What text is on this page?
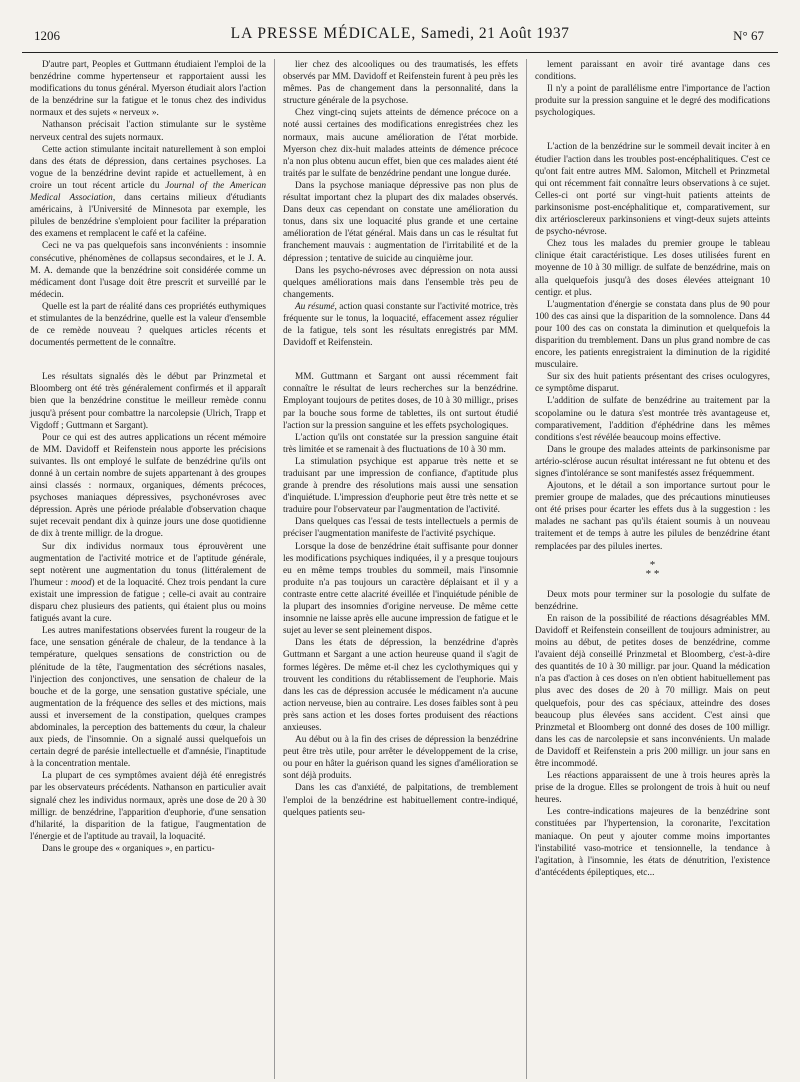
1206	LA PRESSE MÉDICALE, Samedi, 21 Août 1937	N° 67

D'autre part, Peoples et Guttmann étudiaient l'emploi de la benzédrine comme hypertenseur et rapportaient aussi les modifications du tonus général. Myerson étudiait alors l'action de la benzédrine sur la fatigue et le tonus chez des individus normaux et des sujets « nerveux ».

Nathanson précisait l'action stimulante sur le système nerveux central des sujets normaux.

Cette action stimulante incitait naturellement à son emploi dans des états de dépression, dans certaines psychoses. La vogue de la benzédrine devint rapide et actuellement, à en croire un tout récent article du Journal of the American Medical Association, dans certains milieux d'étudiants américains, à l'Université de Minnesota par exemple, les pilules de benzédrine s'emploient pour faciliter la préparation des examens et remplacent le café et la caféine.

Ceci ne va pas quelquefois sans inconvénients : insomnie consécutive, phénomènes de collapsus secondaires, et le J. A. M. A. demande que la benzédrine soit considérée comme un médicament dont l'usage doit être prescrit et surveillé par le médecin.

Quelle est la part de réalité dans ces propriétés euthymiques et stimulantes de la benzédrine, quelle est la valeur d'ensemble de ce remède nouveau ? quelques articles récents et documentés permettent de le connaître.

Les résultats signalés dès le début par Prinzmetal et Bloomberg ont été très généralement confirmés et il apparaît bien que la benzédrine constitue le meilleur remède connu jusqu'à présent pour combattre la narcolepsie (Ulrich, Trapp et Vigdoff ; Guttmann et Sargant).

Pour ce qui est des autres applications un récent mémoire de MM. Davidoff et Reifenstein nous apporte les précisions suivantes. Ils ont employé le sulfate de benzédrine qu'ils ont donné à un certain nombre de sujets appartenant à des groupes ainsi classés : normaux, organiques, déments précoces, psychoses maniaques dépressives, psychonévroses avec dépression. Après une période préalable d'observation chaque sujet recevait pendant dix à quinze jours une dose quotidienne de dix à trente milligr. de la drogue.

Sur dix individus normaux tous éprouvèrent une augmentation de l'activité motrice et de l'aptitude générale, sept notèrent une augmentation du tonus (littéralement de l'humeur : mood) et de la loquacité. Chez trois pendant la cure existait une impression de fatigue ; celle-ci avait au contraire disparu chez plusieurs des patients, qui étaient plus ou moins fatigués avant la cure.

Les autres manifestations observées furent la rougeur de la face, une sensation générale de chaleur, de la tendance à la température, quelques sensations de constriction ou de plénitude de la tête, l'augmentation des sécrétions nasales, l'injection des conjonctives, une sensation de chaleur de la bouche et de la gorge, une sensation gustative spéciale, une augmentation de la fréquence des selles et des mictions, mais aussi et inversement de la constipation, quelques crampes abdominales, la perception des battements du cœur, la chaleur aux pieds, de l'insomnie. On a signalé aussi quelquefois un certain degré de parésie intellectuelle et d'amnésie, l'inaptitude à la concentration mentale.

La plupart de ces symptômes avaient déjà été enregistrés par les observateurs précédents. Nathanson en particulier avait signalé chez les individus normaux, après une dose de 20 à 30 milligr. de benzédrine, l'apparition d'euphorie, d'une sensation d'hilarité, la disparition de la fatigue, l'augmentation de l'énergie et de l'aptitude au travail, la loquacité.

Dans le groupe des « organiques », en particu-

lier chez des alcooliques ou des traumatisés, les effets observés par MM. Davidoff et Reifenstein furent à peu près les mêmes. Pas de changement dans la personnalité, dans la structure générale de la psychose.

Chez vingt-cinq sujets atteints de démence précoce on a noté aussi certaines des modifications enregistrées chez les normaux, mais aucune amélioration de l'état morbide. Myerson chez dix-huit malades atteints de démence précoce n'a non plus obtenu aucun effet, bien que ces malades aient été traités par le sulfate de benzédrine pendant une longue durée.

Dans la psychose maniaque dépressive pas non plus de résultat important chez la plupart des dix malades observés. Dans deux cas cependant on constate une amélioration du tonus, dans six une loquacité plus grande et une certaine amélioration de l'état général. Mais dans un cas le résultat fut franchement mauvais : augmentation de l'irritabilité et de la dépression ; tentative de suicide au cinquième jour.

Dans les psycho-névroses avec dépression on nota aussi quelques améliorations mais dans l'ensemble très peu de changements.

Au résumé, action quasi constante sur l'activité motrice, très fréquente sur le tonus, la loquacité, effacement assez régulier de la fatigue, tels sont les résultats enregistrés par MM. Davidoff et Reifenstein.

MM. Guttmann et Sargant ont aussi récemment fait connaître le résultat de leurs recherches sur la benzédrine. Employant toujours de petites doses, de 10 à 30 milligr., prises par la bouche sous forme de tablettes, ils ont surtout étudié l'action sur la pression sanguine et les effets psychologiques.

L'action qu'ils ont constatée sur la pression sanguine était très limitée et se ramenait à des fluctuations de 10 à 30 mm.

La stimulation psychique est apparue très nette et se traduisant par une impression de confiance, d'aptitude plus grande à prendre des résolutions mais aussi une sensation d'inquiétude. L'impression d'euphorie peut être très nette et se traduire pour l'observateur par l'augmentation de l'activité.

Dans quelques cas l'essai de tests intellectuels a permis de préciser l'augmentation manifeste de l'activité psychique.

Lorsque la dose de benzédrine était suffisante pour donner les modifications psychiques indiquées, il y a presque toujours eu en même temps troubles du sommeil, mais l'insomnie produite n'a pas toujours un caractère déplaisant et il y a contraste entre cette alacrité éveillée et l'inquiétude pénible de la plupart des insomnies d'origine nerveuse. De même cette insomnie ne laisse après elle aucune impression de fatigue et le sujet au lever se sent pleinement dispos.

Dans les états de dépression, la benzédrine d'après Guttmann et Sargant a une action heureuse quand il s'agit de formes légères. De même et-il chez les cyclothymiques qui y trouvent les conditions du rétablissement de l'euphorie. Mais dans les cas de dépression accusée le médicament n'a aucune action nerveuse, bien au contraire. Les doses faibles sont à peu près sans action et les doses fortes produisent des réactions anxieuses.

Au début ou à la fin des crises de dépression la benzédrine peut être très utile, pour arrêter le développement de la crise, ou pour en hâter la guérison quand les signes d'amélioration se sont déjà produits.

Dans les cas d'anxiété, de palpitations, de tremblement l'emploi de la benzédrine est habituellement contre-indiqué, quelques patients seu-

lement paraissant en avoir tiré avantage dans ces conditions.

Il n'y a point de parallélisme entre l'importance de l'action produite sur la pression sanguine et le degré des modifications psychologiques.

L'action de la benzédrine sur le sommeil devait inciter à en étudier l'action dans les troubles post-encéphalitiques. C'est ce qu'ont fait entre autres MM. Salomon, Mitchell et Prinzmetal qui ont récemment fait connaître leurs observations à ce sujet. Celles-ci ont porté sur vingt-huit patients atteints de parkinsonisme post-encéphalitique et, comparativement, sur dix artériosclereux parkinsoniens et vingt-deux sujets atteints de psycho-névrose.

Chez tous les malades du premier groupe le tableau clinique était caractéristique. Les doses utilisées furent en moyenne de 10 à 30 milligr. de sulfate de benzédrine, mais on alla quelquefois jusqu'à des doses élevées atteignant 10 centigr. et plus.

L'augmentation d'énergie se constata dans plus de 90 pour 100 des cas ainsi que la disparition de la somnolence. Dans 44 pour 100 des cas on constata la diminution et quelquefois la disparition du tremblement. Dans un plus grand nombre de cas encore, les patients enregistraient la diminution de la rigidité musculaire.

Sur six des huit patients présentant des crises oculogyres, ce symptôme disparut.

L'addition de sulfate de benzédrine au traitement par la scopolamine ou le datura s'est montrée très avantageuse et, comparativement, l'addition d'éphédrine dans les mêmes conditions s'est révélée beaucoup moins effective.

Dans le groupe des malades atteints de parkinsonisme par artério-sclérose aucun résultat intéressant ne fut obtenu et des signes d'intolérance se sont manifestés assez fréquemment.

Ajoutons, et le détail a son importance surtout pour le premier groupe de malades, que des précautions minutieuses ont été prises pour écarter les effets dus à la suggestion : les malades ne sachant pas qu'ils étaient soumis à un nouveau traitement et de temps à autre les pilules de benzédrine étant remplacées par des pilules inertes.

*
* *

Deux mots pour terminer sur la posologie du sulfate de benzédrine.

En raison de la possibilité de réactions désagréables MM. Davidoff et Reifenstein conseillent de toujours administrer, au moins au début, de petites doses de benzédrine, comme l'avaient déjà conseillé Prinzmetal et Bloomberg, c'est-à-dire des quantités de 10 à 30 milligr. par jour. Quand la médication n'a pas d'action à ces doses on n'en obtient habituellement pas plus avec des doses de 20 à 70 milligr. Mais on peut quelquefois, pour des cas spéciaux, atteindre des doses beaucoup plus élevées sans accident. C'est ainsi que Prinzmetal et Bloomberg ont donné des doses de 100 milligr. dans les cas de narcolepsie et sans inconvénients. Un malade de Davidoff et Reifenstein a pris 200 milligr. un jour sans en être incommodé.

Les réactions apparaissent de une à trois heures après la prise de la drogue. Elles se prolongent de trois à huit ou neuf heures.

Les contre-indications majeures de la benzédrine sont constituées par l'hypertension, la coronarite, l'excitation maniaque. On peut y ajouter comme moins importantes l'instabilité vaso-motrice et tensionnelle, la tendance à l'agitation, à l'insomnie, les états de dénutrition, l'existence d'antécédents épileptiques, etc...
